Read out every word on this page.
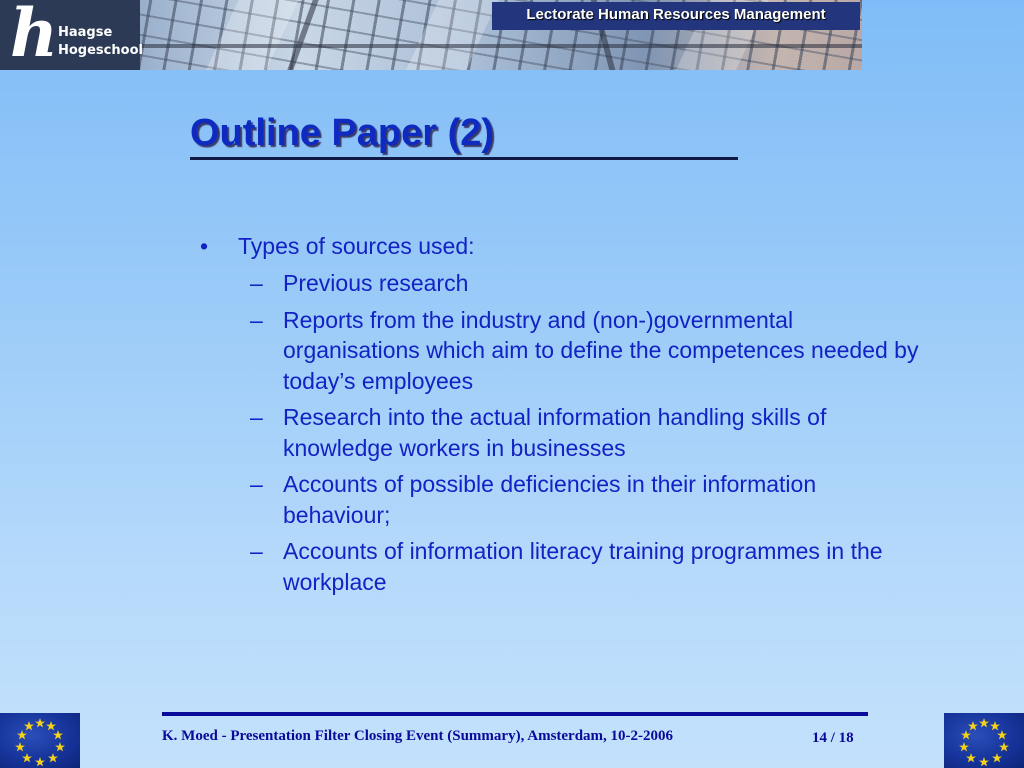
h Haagse
Hogeschool
Lectorate Human Resources Management
Outline Paper (2)
• Types of sources used:
– Previous research
– Reports from the industry and (non-)governmental organisations which aim to define the competences needed by today’s employees
– Research into the actual information handling skills of knowledge workers in businesses
– Accounts of possible deficiencies in their information behaviour;
– Accounts of information literacy training programmes in the workplace
K. Moed - Presentation Filter Closing Event (Summary), Amsterdam, 10-2-2006	14 / 18
